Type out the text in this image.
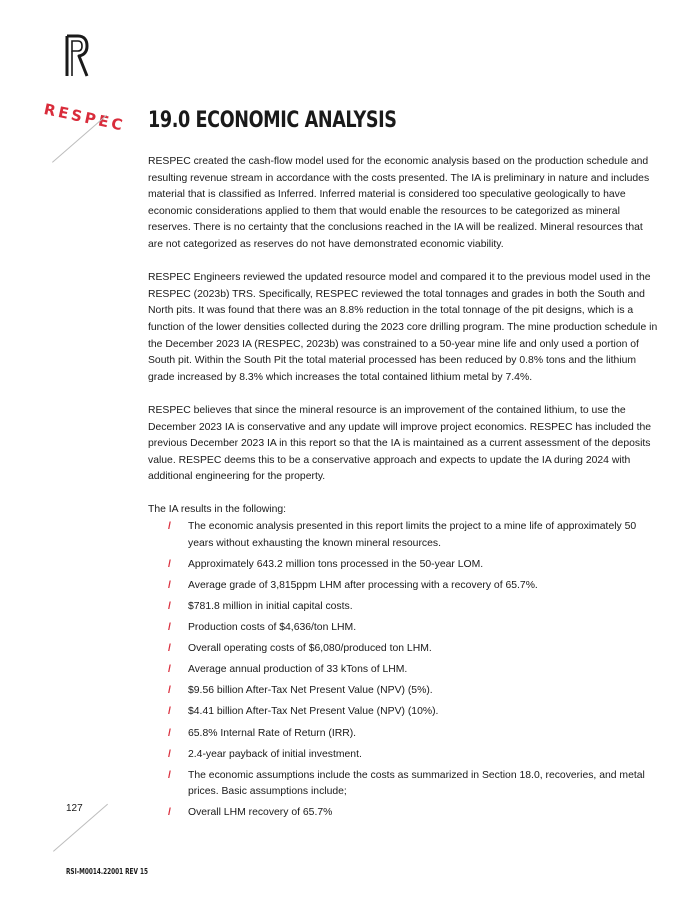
RESPEC 19.0 ECONOMIC ANALYSIS

RESPEC created the cash-flow model used for the economic analysis based on the production schedule and resulting revenue stream in accordance with the costs presented. The IA is preliminary in nature and includes material that is classified as Inferred. Inferred material is considered too speculative geologically to have economic considerations applied to them that would enable the resources to be categorized as mineral reserves. There is no certainty that the conclusions reached in the IA will be realized. Mineral resources that are not categorized as reserves do not have demonstrated economic viability.

RESPEC Engineers reviewed the updated resource model and compared it to the previous model used in the RESPEC (2023b) TRS. Specifically, RESPEC reviewed the total tonnages and grades in both the South and North pits. It was found that there was an 8.8% reduction in the total tonnage of the pit designs, which is a function of the lower densities collected during the 2023 core drilling program. The mine production schedule in the December 2023 IA (RESPEC, 2023b) was constrained to a 50-year mine life and only used a portion of South pit. Within the South Pit the total material processed has been reduced by 0.8% tons and the lithium grade increased by 8.3% which increases the total contained lithium metal by 7.4%.

RESPEC believes that since the mineral resource is an improvement of the contained lithium, to use the December 2023 IA is conservative and any update will improve project economics. RESPEC has included the previous December 2023 IA in this report so that the IA is maintained as a current assessment of the deposits value. RESPEC deems this to be a conservative approach and expects to update the IA during 2024 with additional engineering for the property.

The IA results in the following:

/ The economic analysis presented in this report limits the project to a mine life of approximately 50 years without exhausting the known mineral resources.
/ Approximately 643.2 million tons processed in the 50-year LOM.
/ Average grade of 3,815ppm LHM after processing with a recovery of 65.7%.
/ $781.8 million in initial capital costs.
/ Production costs of $4,636/ton LHM.
/ Overall operating costs of $6,080/produced ton LHM.
/ Average annual production of 33 kTons of LHM.
/ $9.56 billion After-Tax Net Present Value (NPV) (5%).
/ $4.41 billion After-Tax Net Present Value (NPV) (10%).
/ 65.8% Internal Rate of Return (IRR).
/ 2.4-year payback of initial investment.
/ The economic assumptions include the costs as summarized in Section 18.0, recoveries, and metal prices. Basic assumptions include;
/ Overall LHM recovery of 65.7%
127
RSI-M0014.22001 REV 15
